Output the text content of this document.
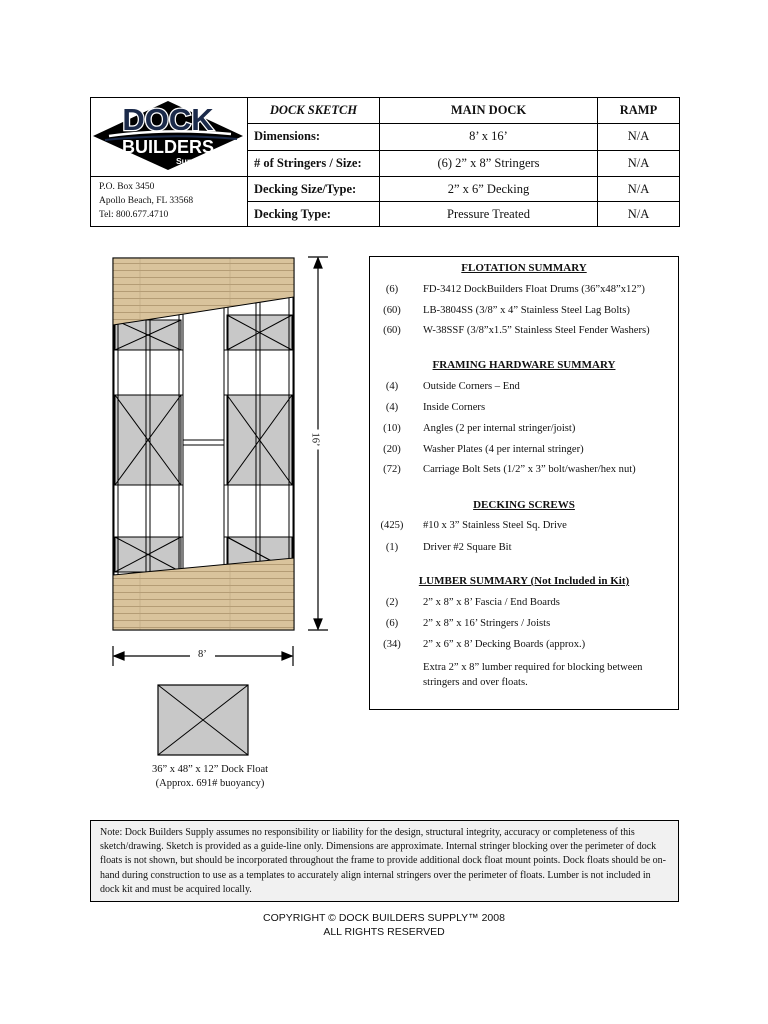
DOCK
BUILDERS
Supply.	DOCK SKETCH	MAIN DOCK	RAMP
	Dimensions:	8’ x 16’	N/A
	# of Stringers / Size:	(6) 2” x 8” Stringers	N/A

P.O. Box 3450
Apollo Beach, FL 33568
Tel: 800.677.4710	Decking Size/Type:	2” x 6” Decking	N/A
	Decking Type:	Pressure Treated	N/A
16’
8’
36” x 48” x 12” Dock Float
(Approx. 691# buoyancy)
FLOTATION SUMMARY
(6)	FD-3412 DockBuilders Float Drums (36”x48”x12”)
(60)	LB-3804SS (3/8” x 4” Stainless Steel Lag Bolts)
(60)	W-38SSF (3/8”x1.5” Stainless Steel Fender Washers)
FRAMING HARDWARE SUMMARY
(4)	Outside Corners – End
(4)	Inside Corners
(10)	Angles (2 per internal stringer/joist)
(20)	Washer Plates (4 per internal stringer)
(72)	Carriage Bolt Sets (1/2” x 3” bolt/washer/hex nut)
DECKING SCREWS
(425)	#10 x 3” Stainless Steel Sq. Drive
(1)	Driver #2 Square Bit
LUMBER SUMMARY (Not Included in Kit)
(2)	2” x 8” x 8’ Fascia / End Boards
(6)	2” x 8” x 16’ Stringers / Joists
(34)	2” x 6” x 8’ Decking Boards (approx.)
Extra 2” x 8” lumber required for blocking between stringers and over floats.
Note: Dock Builders Supply assumes no responsibility or liability for the design, structural integrity, accuracy or completeness of this sketch/drawing. Sketch is provided as a guide-line only. Dimensions are approximate. Internal stringer blocking over the perimeter of dock floats is not shown, but should be incorporated throughout the frame to provide additional dock float mount points. Dock floats should be on-hand during construction to use as a templates to accurately align internal stringers over the perimeter of floats. Lumber is not included in dock kit and must be acquired locally.
COPYRIGHT © DOCK BUILDERS SUPPLY™ 2008
ALL RIGHTS RESERVED
